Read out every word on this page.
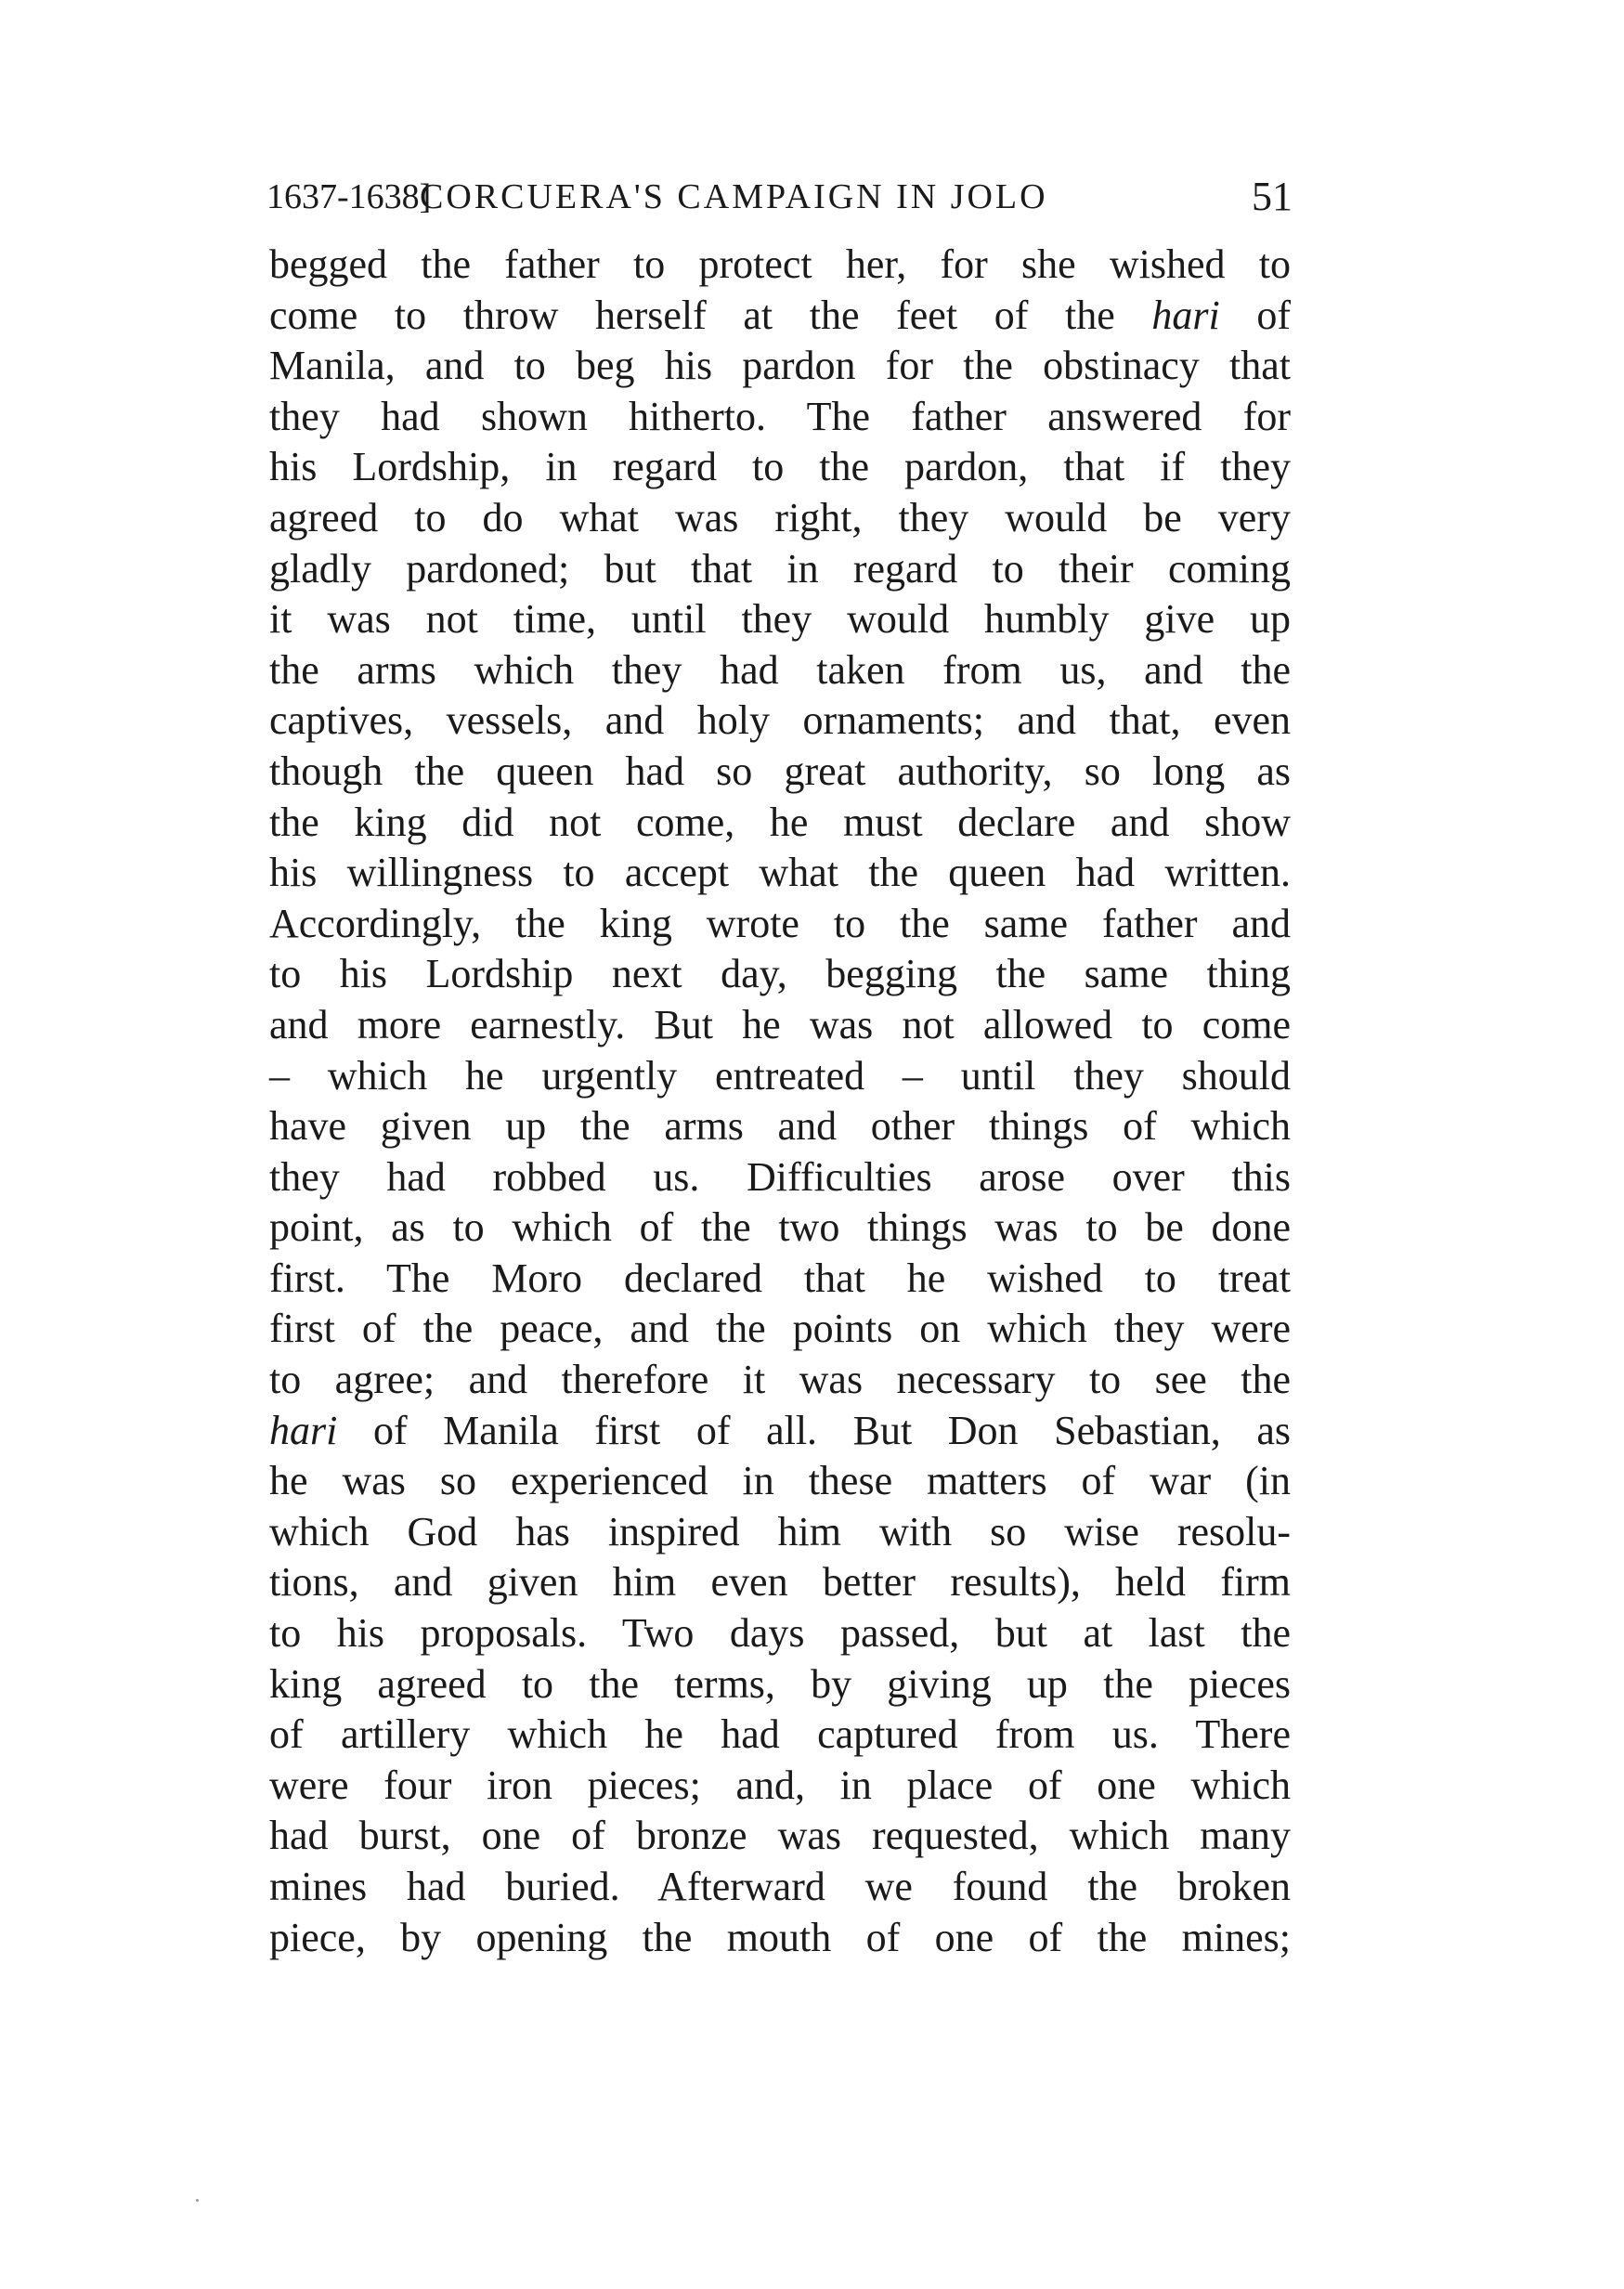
1637-1638]
CORCUERA'S CAMPAIGN IN JOLO	51
begged the father to protect her, for she wished to
come to throw herself at the feet of the hari of
Manila, and to beg his pardon for the obstinacy that
they had shown hitherto. The father answered for
his Lordship, in regard to the pardon, that if they
agreed to do what was right, they would be very
gladly pardoned; but that in regard to their coming
it was not time, until they would humbly give up
the arms which they had taken from us, and the
captives, vessels, and holy ornaments; and that, even
though the queen had so great authority, so long as
the king did not come, he must declare and show
his willingness to accept what the queen had written.
Accordingly, the king wrote to the same father and
to his Lordship next day, begging the same thing
and more earnestly. But he was not allowed to come
– which he urgently entreated – until they should
have given up the arms and other things of which
they had robbed us. Difficulties arose over this
point, as to which of the two things was to be done
first. The Moro declared that he wished to treat
first of the peace, and the points on which they were
to agree; and therefore it was necessary to see the
hari of Manila first of all. But Don Sebastian, as
he was so experienced in these matters of war (in
which God has inspired him with so wise resolu-
tions, and given him even better results), held firm
to his proposals. Two days passed, but at last the
king agreed to the terms, by giving up the pieces
of artillery which he had captured from us. There
were four iron pieces; and, in place of one which
had burst, one of bronze was requested, which many
mines had buried. Afterward we found the broken
piece, by opening the mouth of one of the mines;
